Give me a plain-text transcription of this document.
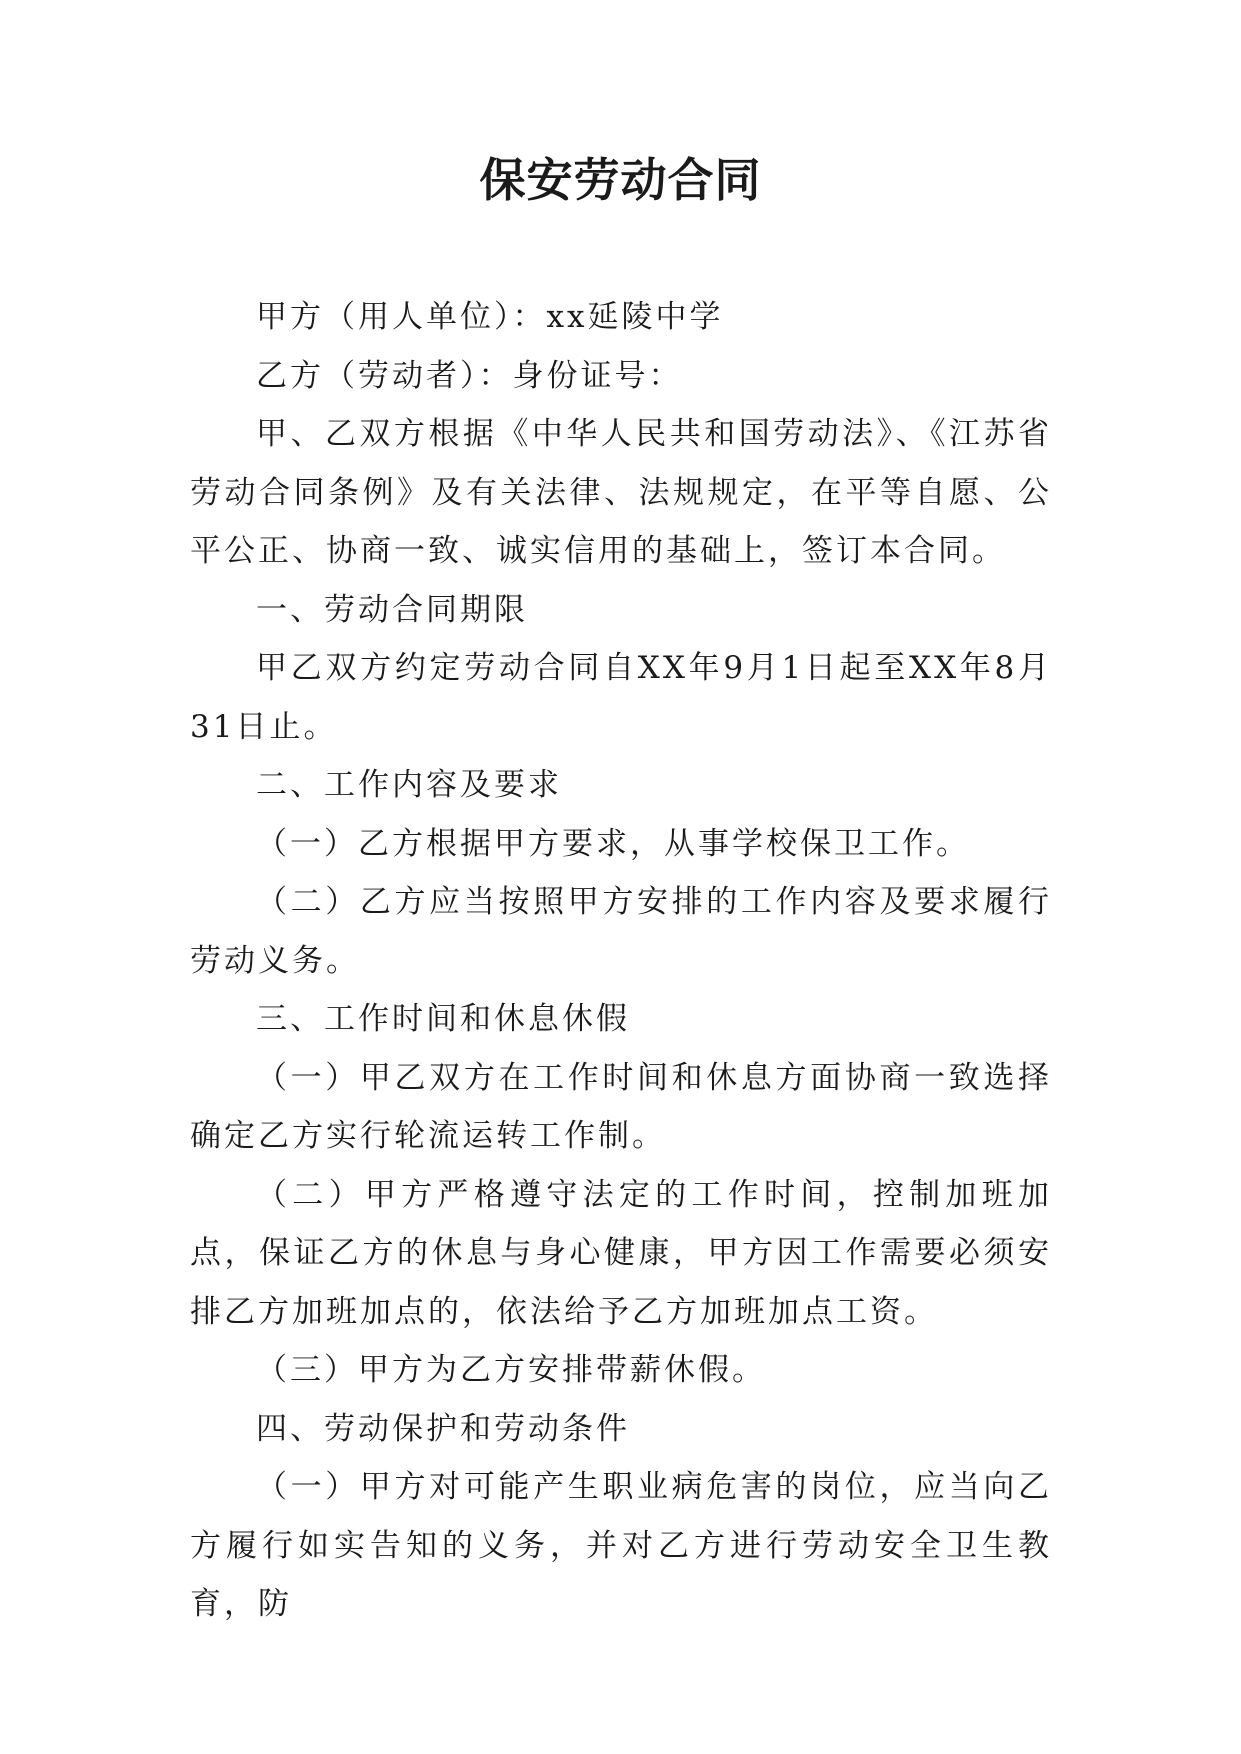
保安劳动合同

甲方（用人单位）：xx延陵中学

乙方（劳动者）：身份证号：

甲、乙双方根据《中华人民共和国劳动法》、《江苏省劳动合同条例》及有关法律、法规规定，在平等自愿、公平公正、协商一致、诚实信用的基础上，签订本合同。

一、劳动合同期限

甲乙双方约定劳动合同自XX年9月1日起至XX年8月31日止。

二、工作内容及要求

（一）乙方根据甲方要求，从事学校保卫工作。

（二）乙方应当按照甲方安排的工作内容及要求履行劳动义务。

三、工作时间和休息休假

（一）甲乙双方在工作时间和休息方面协商一致选择确定乙方实行轮流运转工作制。

（二）甲方严格遵守法定的工作时间，控制加班加点，保证乙方的休息与身心健康，甲方因工作需要必须安排乙方加班加点的，依法给予乙方加班加点工资。

（三）甲方为乙方安排带薪休假。

四、劳动保护和劳动条件

（一）甲方对可能产生职业病危害的岗位，应当向乙方履行如实告知的义务，并对乙方进行劳动安全卫生教育，防
